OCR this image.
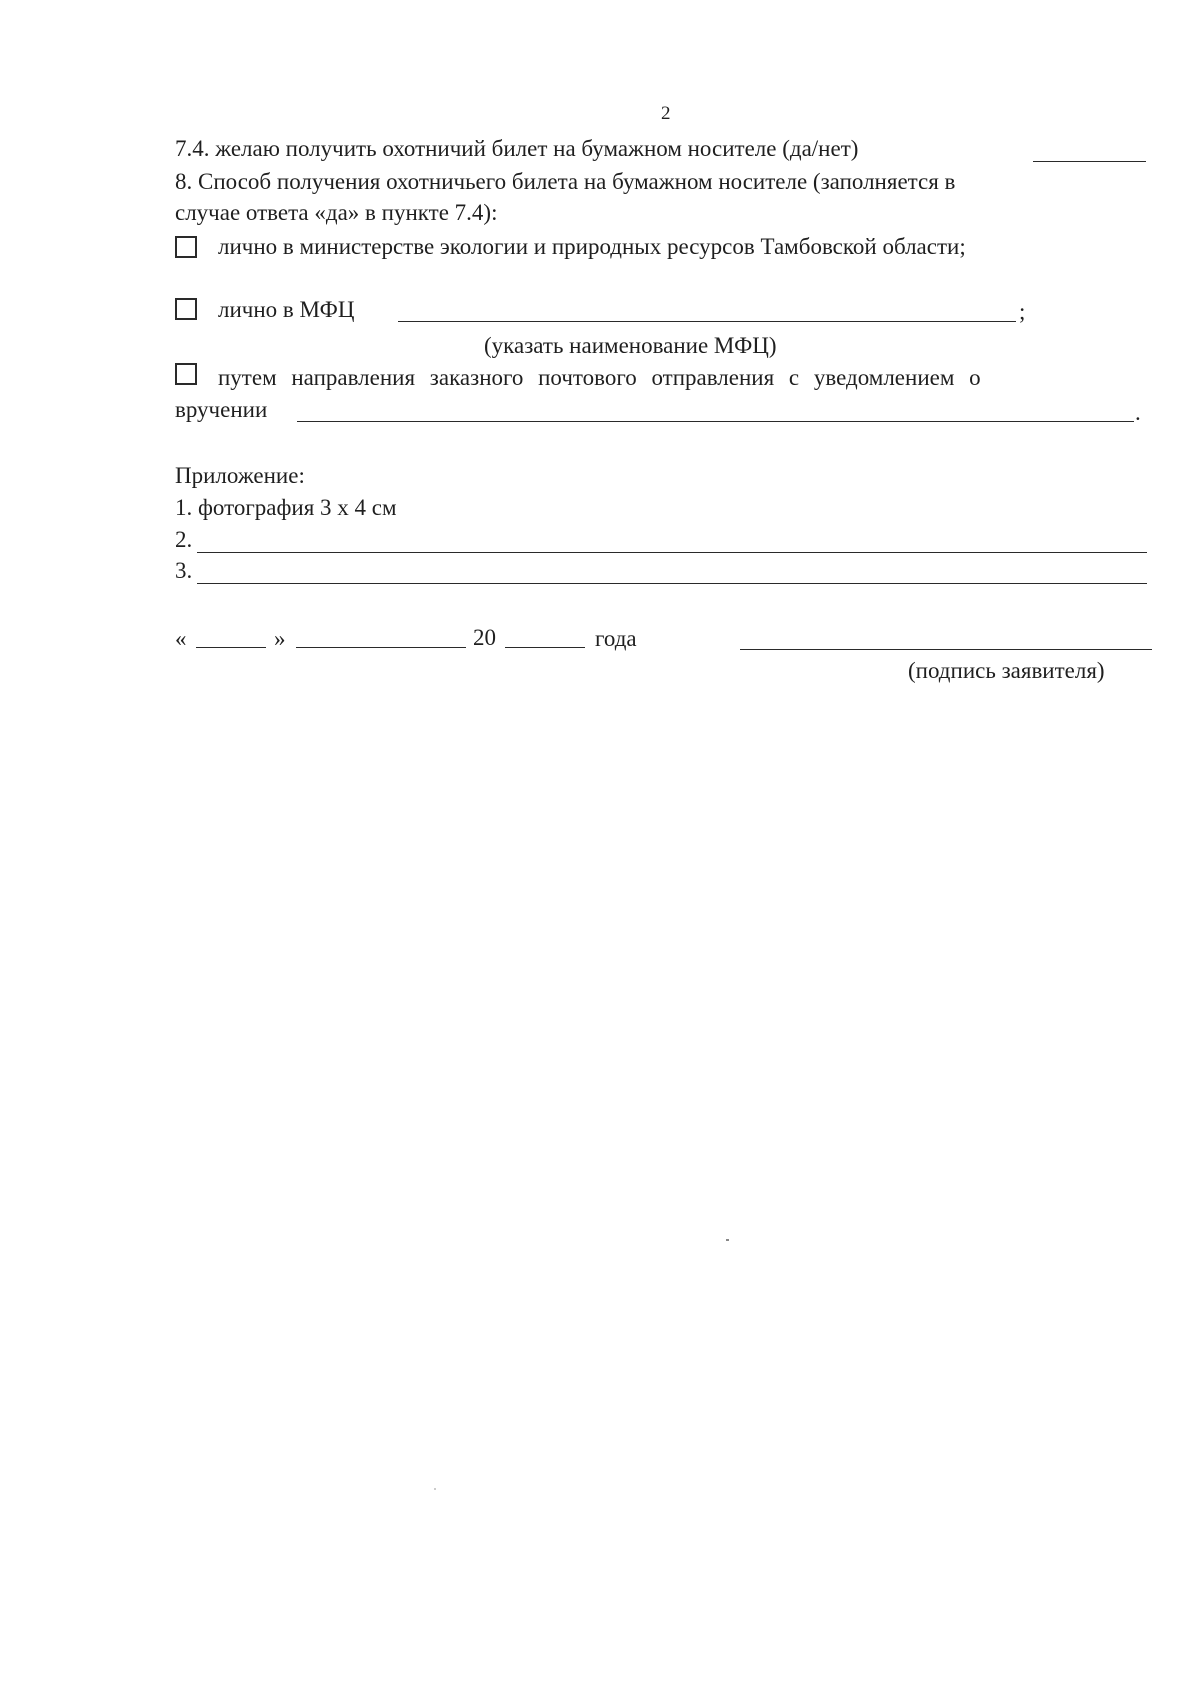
2
7.4. желаю получить охотничий билет на бумажном носителе (да/нет)
8. Способ получения охотничьего билета на бумажном носителе (заполняется в
случае ответа «да» в пункте 7.4):
лично в министерстве экологии и природных ресурсов Тамбовской области;
лично в МФЦ	;
(указать наименование МФЦ)
путем направления заказного почтового отправления с уведомлением о
вручении	.
Приложение:
1. фотография 3 х 4 см
2.
3.
«	»	20	года
(подпись заявителя)
